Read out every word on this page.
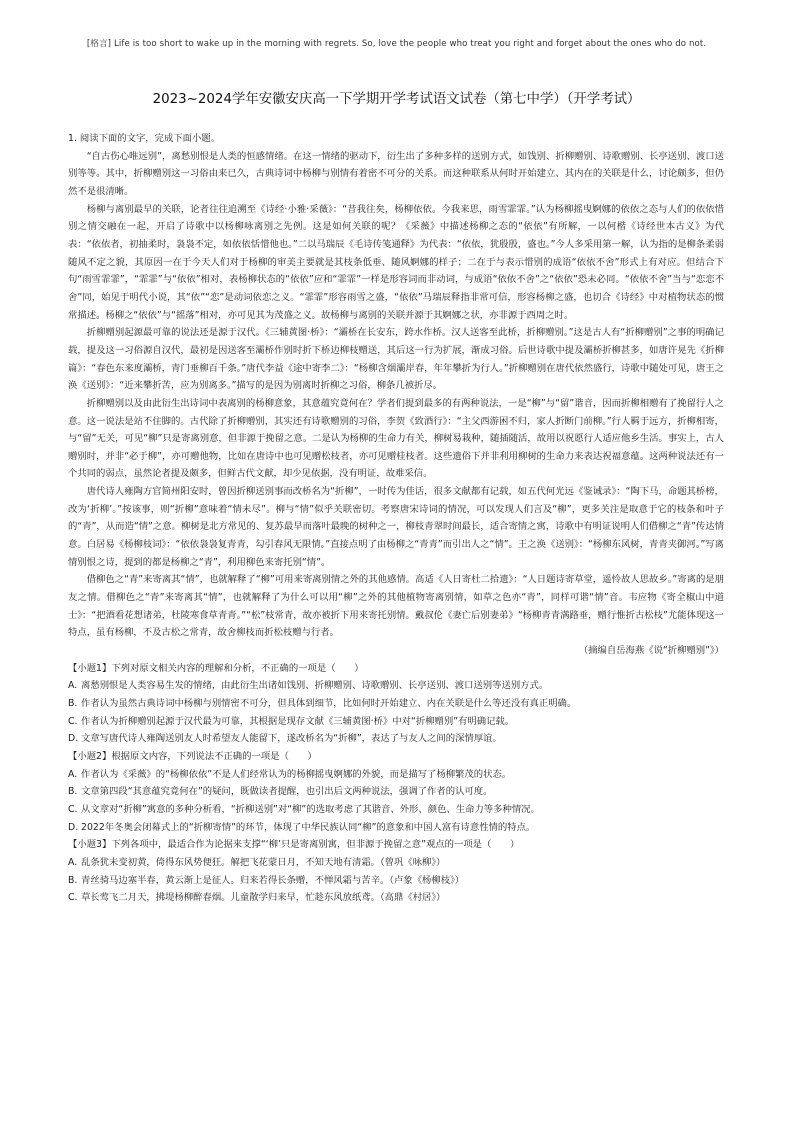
[格言] Life is too short to wake up in the morning with regrets. So, love the people who treat you right and forget about the ones who do not.
2023~2024学年安徽安庆高一下学期开学考试语文试卷（第七中学）（开学考试）

1. 阅读下面的文字，完成下面小题。

“自古伤心唯远别”，离愁别恨是人类的恒感情绪。在这一情绪的驱动下，衍生出了多种多样的送别方式，如饯别、折柳赠别、诗歌赠别、长亭送别、渡口送别等等。其中，折柳赠别这一习俗由来已久，古典诗词中杨柳与别情有着密不可分的关系。而这种联系从何时开始建立、其内在的关联是什么，讨论颇多，但仍然不是很清晰。

杨柳与离别最早的关联，论者往往追溯至《诗经·小雅·采薇》：“昔我往矣，杨柳依依。今我来思，雨雪霏霏。”认为杨柳摇曳婀娜的依依之态与人们的依依惜别之情交融在一起，开启了诗歌中以杨柳咏离别之先例。这是如何关联的呢？《采薇》中描述杨柳之态的“依依”有所解，一以何楷《诗经世本古义》为代表：“依依者，初抽柔时，袅袅不定，如依依恬惜他也。”二以马瑞辰《毛诗传笺通释》为代表：“依依，犹殷殷，盛也。”今人多采用第一解，认为指的是柳条柔弱随风不定之貌，其原因一在于今天人们对于杨柳的审美主要就是其枝条低垂、随风婀娜的样子；二在于与表示惜别的成语“依依不舍”形式上有对应。但结合下句“雨雪霏霏”，“霏霏”与“依依”相对，表杨柳状态的“依依”应和“霏霏”一样是形容词而非动词，与成语“依依不舍”之“依依”恐未必同。“依依不舍”当与“恋恋不舍”同，始见于明代小说，其“依”“恋”是动词依恋之义。“霏霏”形容雨雪之盛，“依依”马瑞辰释指非常可信，形容杨柳之盛，也切合《诗经》中对植物状态的惯常描述。杨柳之“依依”与“摇落”相对，亦可见其为茂盛之义。故杨柳与离别的关联并源于其婀娜之状，亦非源于西周之时。

折柳赠别起源最可靠的说法还是源于汉代。《三辅黄图·桥》：“灞桥在长安东，跨水作桥。汉人送客至此桥，折柳赠别。”这是古人有“折柳赠别”之事的明确记载，提及这一习俗源自汉代，最初是因送客至灞桥作别时折下桥边柳枝赠送，其后这一行为扩展，渐成习俗。后世诗歌中提及灞桥折柳甚多，如唐许晃先《折柳篇》：“春色东来度灞桥，青门垂柳百千条。”唐代李益《途中寄李二》：“杨柳含烟灞岸春，年年攀折为行人。”折柳赠别在唐代依然盛行，诗歌中随处可见，唐王之涣《送别》：“近来攀折苦，应为别离多。”描写的是因为别离时折柳之习俗，柳条几被折尽。

折柳赠别以及由此衍生出诗词中表离别的杨柳意象，其意蕴究竟何在？学者们提到最多的有两种说法，一是“柳”与“留”谐音，因而折柳相赠有了挽留行人之意。这一说法是站不住脚的。古代除了折柳赠别，其实还有诗歌赠别的习俗，李贺《致酒行》：“主父西游困不归，家人折断门前柳。”行人羁于远方，折柳相寄，与“留”无关，可见“柳”只是寄离别意，但非源于挽留之意。二是认为杨柳的生命力有关，柳树易栽种，随插随活，故用以祝愿行人适应他乡生活。事实上，古人赠别时，并非“必于柳”，亦可赠他物，比如在唐诗中也可见赠松枝者，亦可见赠桂枝者。这些遗俗下并非利用柳树的生命力来表达祝福意蕴。这两种说法还有一个共同的弱点，虽然论者提及颇多，但鲜古代文献，却少见依据，没有明证，故难采信。

唐代诗人雍陶方官简州阳安时，曾因折柳送别事而改桥名为“折柳”，一时传为佳话，很多文献都有记载，如五代何光远《鉴诫录》：“陶下马，命题其桥榜，改为‘折柳’。”按该事，则“折柳”意味着“情未尽”。柳与“情”似乎关联密切。考察唐宋诗词的情况，可以发现人们言及“柳”，更多关注是取意于它的枝条和叶子的“青”，从而造“情”之意。柳树是北方常见的、复苏最早而落叶最晚的树种之一，柳枝青翠时间最长，适合寄情之寓，诗歌中有明证说明人们借柳之“青”传达情意。白居易《杨柳枝词》：“依依袅袅复青青，勾引春风无限情。”直接点明了由杨柳之“青青”而引出人之“情”。王之涣《送别》：“杨柳东风树，青青夹御河。”写离情别恨之诗，提到的都是杨柳之“青”，利用柳色来寄托别“情”。

借柳色之“青”来寄离其“情”，也就解释了“柳”可用来寄离别情之外的其他感情。高适《人日寄杜二拾遗》：“人日题诗寄草堂，遥怜故人思故乡。”寄离的是朋友之情。借柳色之“青”来寄离其“情”，也就解释了为什么可以用“柳”之外的其他植物寄离别情，如草之色亦“青”，同样可谐“情”音。韦应物《寄全椒山中道士》：“把酒看花想诸弟，杜陵寒食草青青。”“松”枝常青，故亦被折下用来寄托别情。戴叔伦《妻亡后别妻弟》“杨柳青青满路垂，赠行惟折古松枝”尤能体现这一特点，虽有杨柳，不及古松之常青，故舍柳枝而折松枝赠与行者。

（摘编自岳海燕《说“折柳赠别”》）

【小题1】下列对原文相关内容的理解和分析，不正确的一项是（　　）

A. 离愁别恨是人类容易生发的情绪，由此衍生出诸如饯别、折柳赠别、诗歌赠别、长亭送别、渡口送别等送别方式。
B. 作者认为虽然古典诗词中杨柳与别情密不可分，但具体到细节，比如何时开始建立、内在关联是什么等还没有真正明确。
C. 作者认为折柳赠别起源于汉代最为可靠，其根据是现存文献《三辅黄图·桥》中对“折柳赠别”有明确记载。
D. 文章写唐代诗人雍陶送别友人时希望友人能留下，遂改桥名为“折柳”，表达了与友人之间的深情厚谊。

【小题2】根据原文内容，下列说法不正确的一项是（　　）

A. 作者认为《采薇》的“杨柳依依”不是人们经常认为的杨柳摇曳婀娜的外貌，而是描写了杨柳繁茂的状态。
B. 文章第四段“其意蕴究竟何在”的疑问，既做读者提醒，也引出后文两种说法，强调了作者的认可度。
C. 从文章对“折柳”寓意的多种分析看，“折柳送别”对“柳”的选取考虑了其谐音、外形、颜色、生命力等多种情况。
D. 2022年冬奥会闭幕式上的“折柳寄情”的环节，体现了中华民族认同“柳”的意象和中国人富有诗意性情的特点。

【小题3】下列各项中，最适合作为论据来支撑“‘柳’只是寄离别寓，但非源于挽留之意”观点的一项是（　　）

A. 乱条犹未变初黄，倚得东风势便狂。解把飞花蒙日月，不知天地有清霜。（曾巩《咏柳》）
B. 青丝骑马边塞半春，黄云渐上是征人。归来若得长条赠，不惮风霜与苦辛。（卢象《杨柳枝》）
C. 草长莺飞二月天，拂堤杨柳醉春烟。儿童散学归来早，忙趁东风放纸鸢。（高鼎《村居》）
